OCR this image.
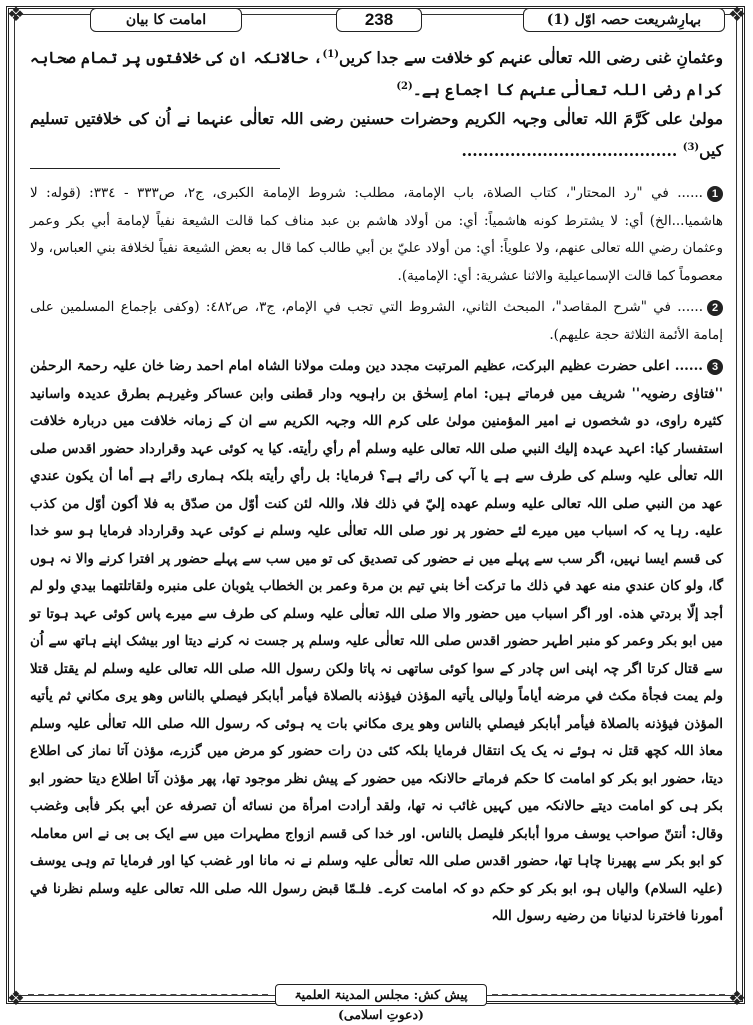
❖	❖
❖	❖
بہارِشریعت حصہ اوّل (1)
238
امامت کا بیان

وعثمانِ غنی رضی اللہ تعالٰی عنہم کو خلافت سے جدا کریں$^{(1)}$، حالانکہ ان کی خلافتوں پر تمام صحابہ کرام رضی اللہ تعالٰی عنہم کا اجماع ہے۔$^{(2)}$

مولیٰ علی کَرَّمَ اللہ تعالٰی وجہہ الکریم وحضرات حسنین رضی اللہ تعالٰی عنہما نے اُن کی خلافتیں تسلیم کیں$^{(3)}$ ........................................

1...... في "رد المحتار"، كتاب الصلاة، باب الإمامة، مطلب: شروط الإمامة الكبرى، ج٢، ص٣٣٣ - ٣٣٤: (قوله: لا هاشميا...الخ) أي: لا يشترط كونه هاشمياً: أي: من أولاد هاشم بن عبد مناف كما قالت الشيعة نفياً لإمامة أبي بكر وعمر وعثمان رضي الله تعالى عنهم، ولا علوياً: أي: من أولاد عليّ بن أبي طالب كما قال به بعض الشيعة نفياً لخلافة بني العباس، ولا معصوماً كما قالت الإسماعيلية والاثنا عشرية: أي: الإمامية).

2...... في "شرح المقاصد"، المبحث الثاني، الشروط التي تجب في الإمام، ج٣، ص٤٨٢: (وكفى بإجماع المسلمين على إمامة الأئمة الثلاثة حجة عليهم).

3...... اعلی حضرت عظیم البرکت، عظیم المرتبت مجدد دین وملت مولانا الشاہ امام احمد رضا خان علیہ رحمۃ الرحمٰن ''فتاوٰی رضویہ'' شریف میں فرماتے ہیں: امام اِسحٰق بن راہویہ ودار قطنی وابن عساکر وغیرہم بطرق عدیدہ واسانید کثیرہ راوی، دو شخصوں نے امیر المؤمنین مولیٰ علی کرم اللہ وجہہ الکریم سے ان کے زمانہ خلافت میں دربارہ خلافت استفسار کیا: اعہد عہدہ إلیك النبي صلی اللہ تعالی علیه وسلم أم رأي رأیته. کیا یہ کوئی عہد وقرارداد حضور اقدس صلی اللہ تعالٰی علیہ وسلم کی طرف سے ہے یا آپ کی رائے ہے؟ فرمایا: بل رأي رأیته بلکہ ہماری رائے ہے أما أن یکون عندي عهد من النبي صلی اللہ تعالی علیه وسلم عهده إليّ في ذلك فلا، واللہ لئن کنت أوّل من صدّق به فلا أکون أوّل من کذب علیه. رہا یہ کہ اسباب میں میرے لئے حضور پر نور صلی اللہ تعالٰی علیہ وسلم نے کوئی عہد وقرارداد فرمایا ہو سو خدا کی قسم ایسا نہیں، اگر سب سے پہلے میں نے حضور کی تصدیق کی تو میں سب سے پہلے حضور پر افترا کرنے والا نہ ہوں گا، ولو کان عندي منه عهد في ذلك ما ترکت أخا بني تیم بن مرة وعمر بن الخطاب یثوبان علی منبره ولقاتلتهما بیدي ولو لم أجد إلّا بردتي هذه. اور اگر اسباب میں حضور والا صلی اللہ تعالٰی علیہ وسلم کی طرف سے میرے پاس کوئی عہد ہوتا تو میں ابو بکر وعمر کو منبر اطہر حضور اقدس صلی اللہ تعالٰی علیہ وسلم پر جست نہ کرنے دیتا اور بیشک اپنے ہاتھ سے اُن سے قتال کرتا اگر چہ اپنی اس چادر کے سوا کوئی ساتھی نہ پاتا ولکن رسول اللہ صلی اللہ تعالی علیه وسلم لم یقتل قتلا ولم یمت فجأة مکث في مرضه أیاماً ولیالی یأتیه المؤذن فیؤذنه بالصلاة فیأمر أبابکر فیصلي بالناس وهو یری مکاني ثم یأتیه المؤذن فیؤذنه بالصلاة فیأمر أبابکر فیصلي بالناس وهو یری مکاني بات یہ ہوئی کہ رسول اللہ صلی اللہ تعالٰی علیہ وسلم معاذ اللہ کچھ قتل نہ ہوئے نہ یک یک انتقال فرمایا بلکہ کئی دن رات حضور کو مرض میں گزرے، مؤذن آتا نماز کی اطلاع دیتا، حضور ابو بکر کو امامت کا حکم فرماتے حالانکہ میں حضور کے پیش نظر موجود تھا، پھر مؤذن آتا اطلاع دیتا حضور ابو بکر ہی کو امامت دیتے حالانکہ میں کہیں غائب نہ تھا، ولقد أرادت امرأة من نسائه أن تصرفه عن أبي بکر فأبی وغضب وقال: أنتنّ صواحب یوسف مروا أبابکر فلیصل بالناس. اور خدا کی قسم ازواج مطہرات میں سے ایک بی بی نے اس معاملہ کو ابو بکر سے پھیرنا چاہا تھا، حضور اقدس صلی اللہ تعالٰی علیہ وسلم نے نہ مانا اور غضب کیا اور فرمایا تم وہی یوسف (علیہ السلام) والیاں ہو، ابو بکر کو حکم دو کہ امامت کرے۔ فلـمّا قبض رسول اللہ صلی اللہ تعالی علیه وسلم نظرنا في أمورنا فاخترنا لدنیانا من رضیه رسول اللہ

پیش کش: مجلس المدینۃ العلمیۃ (دعوتِ اسلامی)
